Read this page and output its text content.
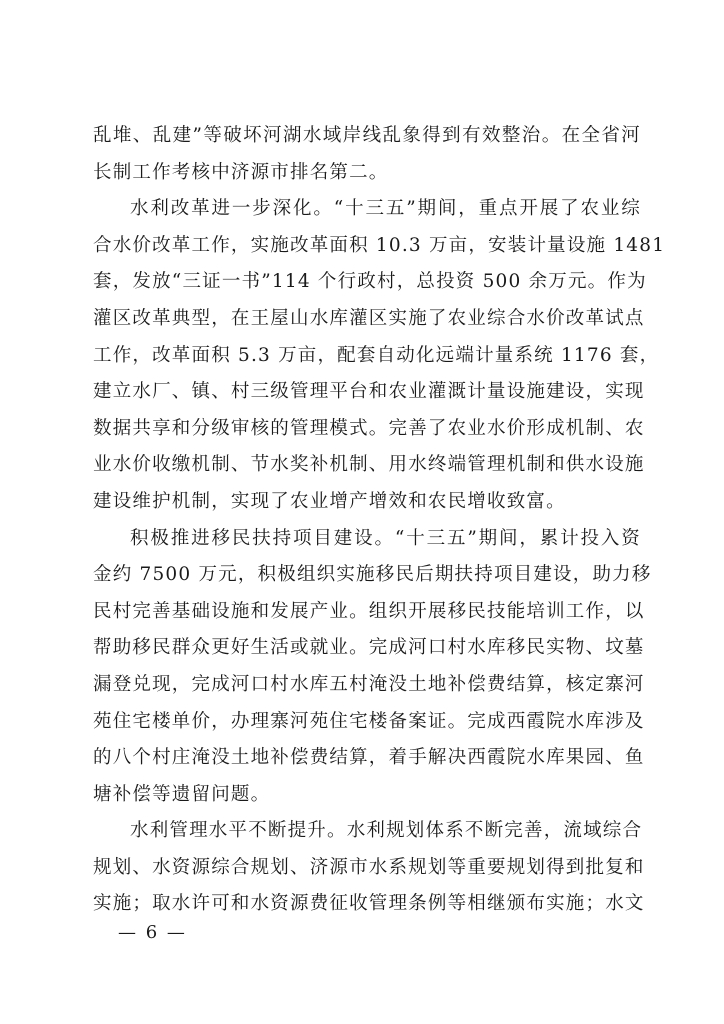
乱堆、乱建”等破坏河湖水域岸线乱象得到有效整治。在全省河
长制工作考核中济源市排名第二。
水利改革进一步深化。“十三五”期间，重点开展了农业综
合水价改革工作，实施改革面积 10.3 万亩，安装计量设施 1481
套，发放“三证一书”114 个行政村，总投资 500 余万元。作为
灌区改革典型，在王屋山水库灌区实施了农业综合水价改革试点
工作，改革面积 5.3 万亩，配套自动化远端计量系统 1176 套，
建立水厂、镇、村三级管理平台和农业灌溉计量设施建设，实现
数据共享和分级审核的管理模式。完善了农业水价形成机制、农
业水价收缴机制、节水奖补机制、用水终端管理机制和供水设施
建设维护机制，实现了农业增产增效和农民增收致富。
积极推进移民扶持项目建设。“十三五”期间，累计投入资
金约 7500 万元，积极组织实施移民后期扶持项目建设，助力移
民村完善基础设施和发展产业。组织开展移民技能培训工作，以
帮助移民群众更好生活或就业。完成河口村水库移民实物、坟墓
漏登兑现，完成河口村水库五村淹没土地补偿费结算，核定寨河
苑住宅楼单价，办理寨河苑住宅楼备案证。完成西霞院水库涉及
的八个村庄淹没土地补偿费结算，着手解决西霞院水库果园、鱼
塘补偿等遗留问题。
水利管理水平不断提升。水利规划体系不断完善，流域综合
规划、水资源综合规划、济源市水系规划等重要规划得到批复和
实施；取水许可和水资源费征收管理条例等相继颁布实施；水文
— 6 —
